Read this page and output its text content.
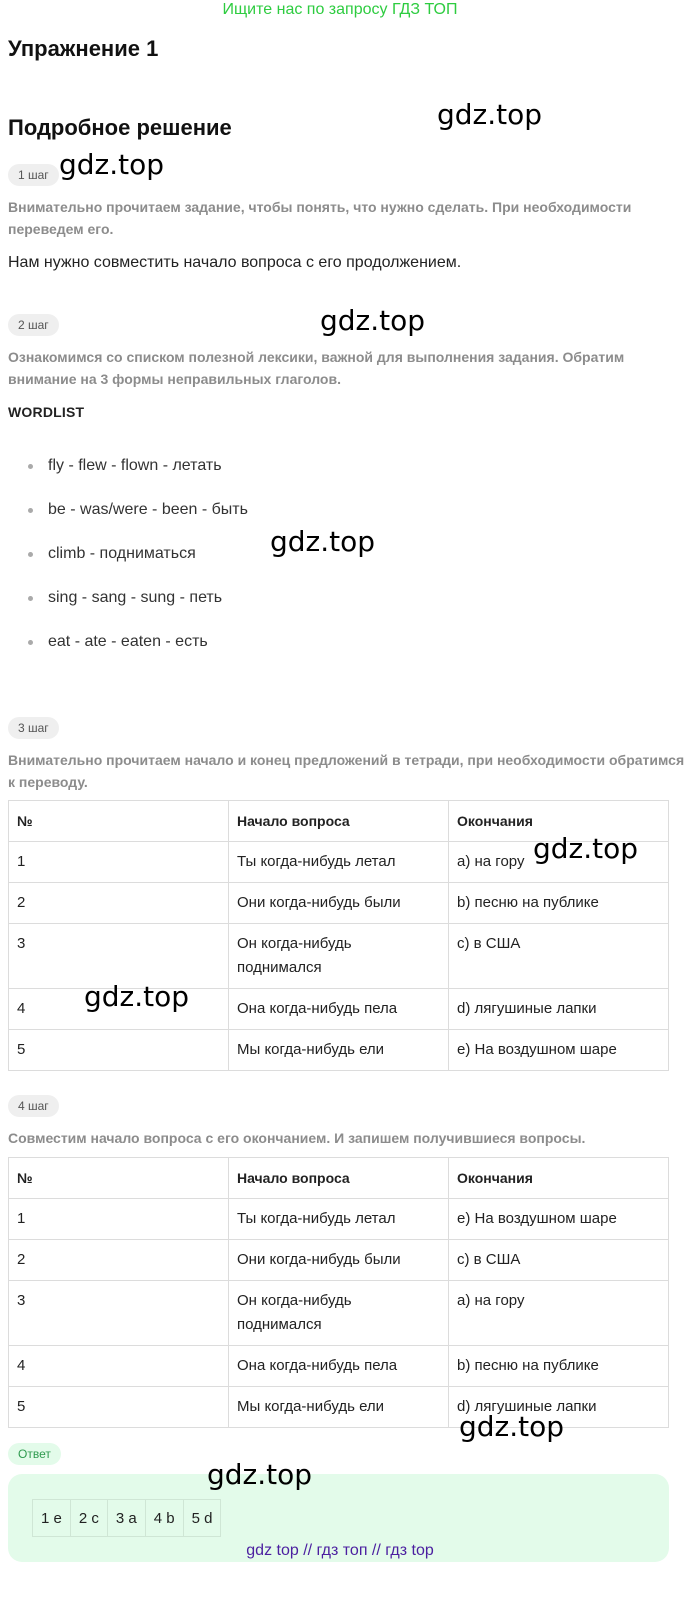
Ищите нас по запросу ГДЗ ТОП
Упражнение 1
Подробное решение
1 шаг
Внимательно прочитаем задание, чтобы понять, что нужно сделать. При необходимости переведем его.
Нам нужно совместить начало вопроса с его продолжением.
2 шаг
Ознакомимся со списком полезной лексики, важной для выполнения задания. Обратим внимание на 3 формы неправильных глаголов.
WORDLIST
fly - flew - flown - летать
be - was/were - been - быть
climb - подниматься
sing - sang - sung - петь
eat - ate - eaten - есть
3 шаг
Внимательно прочитаем начало и конец предложений в тетради, при необходимости обратимся к переводу.
№	Начало вопроса	Окончания
1	Ты когда-нибудь летал	a) на гору
2	Они когда-нибудь были	b) песню на публике
3	Он когда-нибудь поднимался	c) в США
4	Она когда-нибудь пела	d) лягушиные лапки
5	Мы когда-нибудь ели	e) На воздушном шаре
4 шаг
Совместим начало вопроса с его окончанием. И запишем получившиеся вопросы.
№	Начало вопроса	Окончания
1	Ты когда-нибудь летал	e) На воздушном шаре
2	Они когда-нибудь были	c) в США
3	Он когда-нибудь поднимался	a) на гору
4	Она когда-нибудь пела	b) песню на публике
5	Мы когда-нибудь ели	d) лягушиные лапки
Ответ
1 e	2 c	3 a	4 b	5 d
gdz top // гдз топ // гдз top
gdz.top
gdz.top
gdz.top
gdz.top
gdz.top
gdz.top
gdz.top
gdz.top
